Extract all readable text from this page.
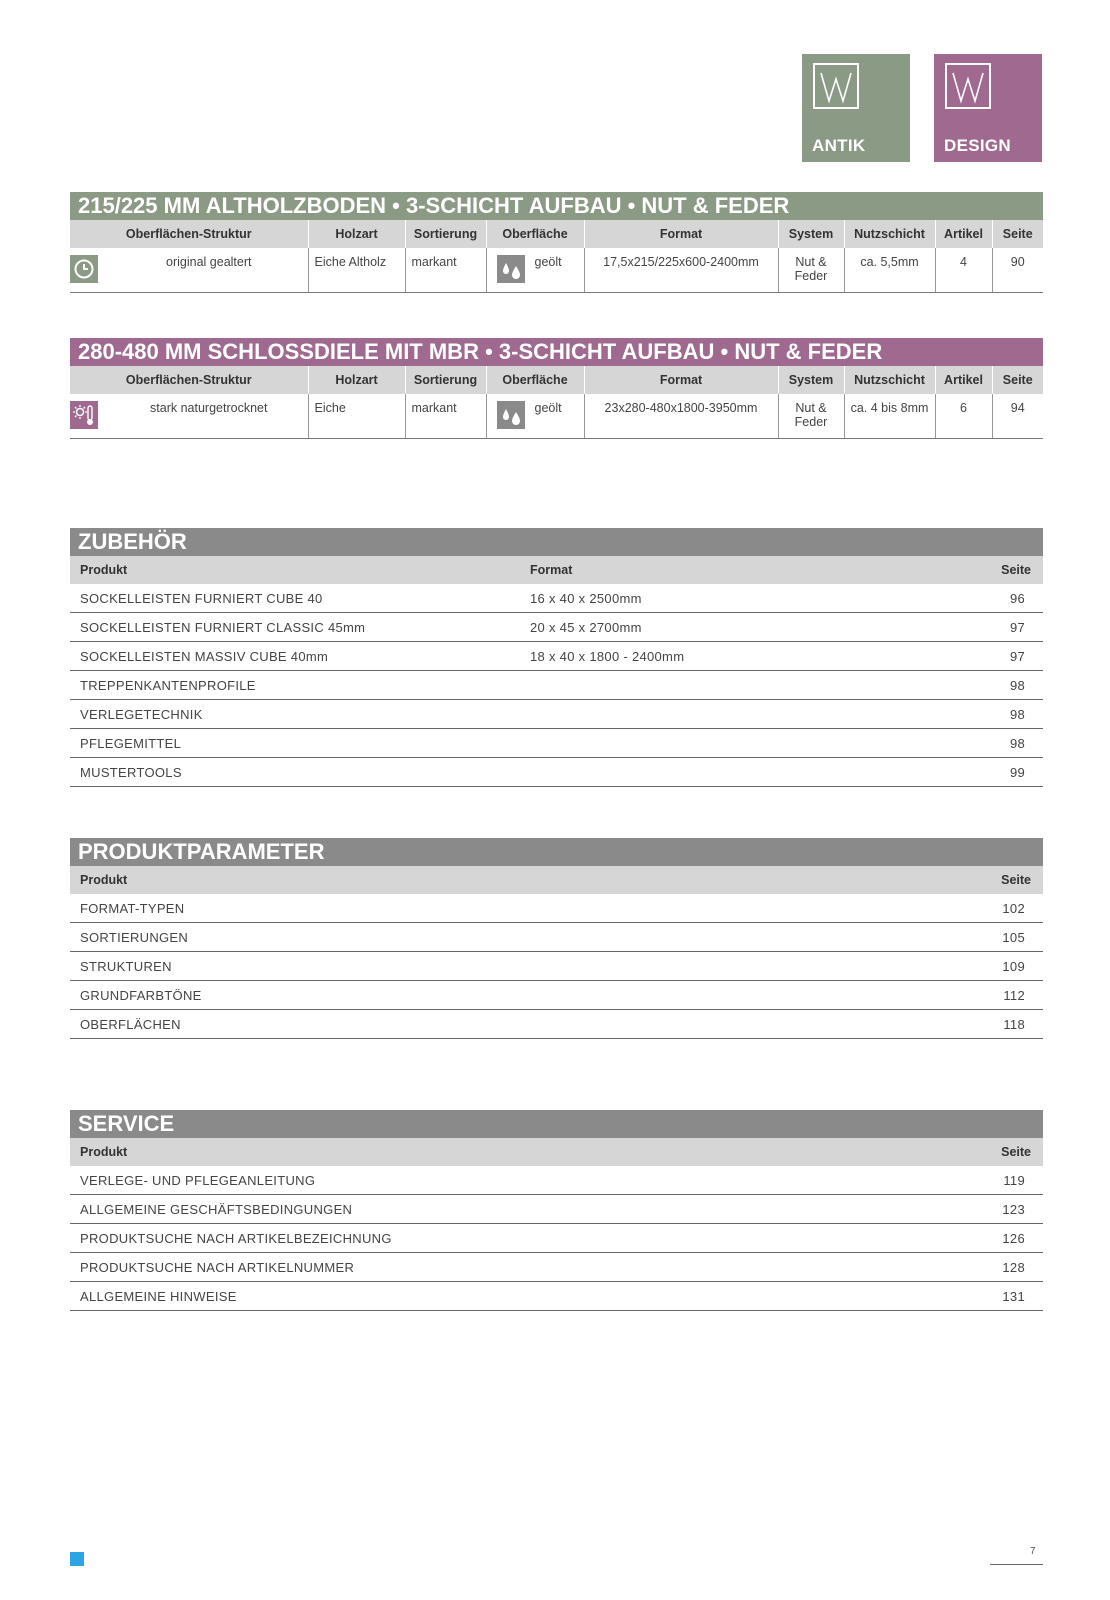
ANTIK	DESIGN
215/225 MM ALTHOLZBODEN • 3-SCHICHT AUFBAU • NUT & FEDER
Oberflächen-Struktur	Holzart	Sortierung	Oberfläche	Format	System	Nutzschicht	Artikel	Seite

original gealtert	Eiche Altholz	markant	geölt	17,5x215/225x600-2400mm	Nut & Feder	ca. 5,5mm	4	90
280-480 MM SCHLOSSDIELE MIT MBR • 3-SCHICHT AUFBAU • NUT & FEDER
Oberflächen-Struktur	Holzart	Sortierung	Oberfläche	Format	System	Nutzschicht	Artikel	Seite

stark naturgetrocknet	Eiche	markant	geölt	23x280-480x1800-3950mm	Nut & Feder	ca. 4 bis 8mm	6	94
ZUBEHÖR
Produkt	Format	Seite
SOCKELLEISTEN FURNIERT CUBE 40	16 x 40 x 2500mm	96
SOCKELLEISTEN FURNIERT CLASSIC 45mm	20 x 45 x 2700mm	97
SOCKELLEISTEN MASSIV CUBE 40mm	18 x 40 x 1800 - 2400mm	97
TREPPENKANTENPROFILE		98
VERLEGETECHNIK		98
PFLEGEMITTEL		98
MUSTERTOOLS		99
PRODUKTPARAMETER
Produkt	Seite
FORMAT-TYPEN	102
SORTIERUNGEN	105
STRUKTUREN	109
GRUNDFARBTÖNE	112
OBERFLÄCHEN	118
SERVICE
Produkt	Seite
VERLEGE- UND PFLEGEANLEITUNG	119
ALLGEMEINE GESCHÄFTSBEDINGUNGEN	123
PRODUKTSUCHE NACH ARTIKELBEZEICHNUNG	126
PRODUKTSUCHE NACH ARTIKELNUMMER	128
ALLGEMEINE HINWEISE	131
7
